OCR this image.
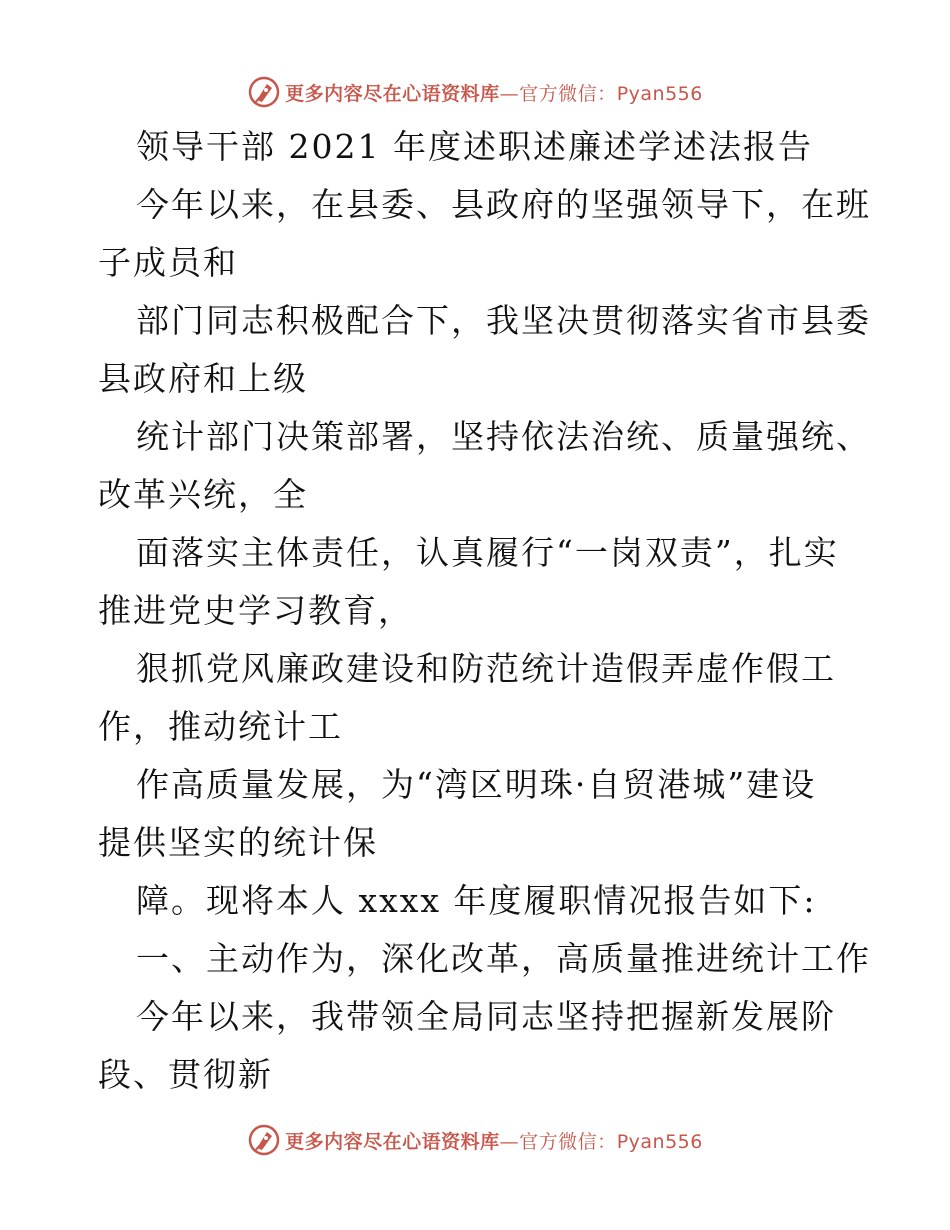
更多内容尽在心语资料库—官方微信：Pyan556
领导干部 2021 年度述职述廉述学述法报告
今年以来，在县委、县政府的坚强领导下，在班
子成员和
部门同志积极配合下，我坚决贯彻落实省市县委
县政府和上级
统计部门决策部署，坚持依法治统、质量强统、
改革兴统，全
面落实主体责任，认真履行“一岗双责”，扎实
推进党史学习教育，
狠抓党风廉政建设和防范统计造假弄虚作假工
作，推动统计工
作高质量发展，为“湾区明珠·自贸港城”建设
提供坚实的统计保
障。现将本人 xxxx 年度履职情况报告如下:
一、主动作为，深化改革，高质量推进统计工作
今年以来，我带领全局同志坚持把握新发展阶
段、贯彻新
更多内容尽在心语资料库—官方微信：Pyan556
